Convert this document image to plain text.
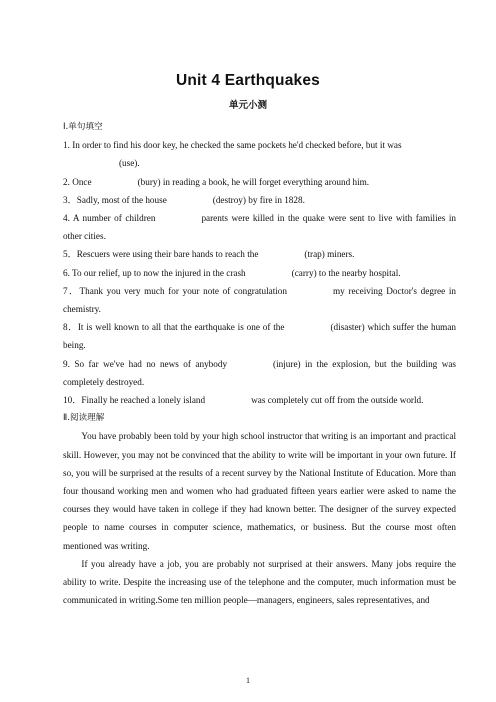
Unit 4 Earthquakes
单元小测

Ⅰ.单句填空

1. In order to find his door key, he checked the same pockets he'd checked before, but it was

(use).

2. Once	(bury) in reading a book, he will forget everything around him.

3．Sadly, most of the house	(destroy) by fire in 1828.

4. A number of children	parents were killed in the quake were sent to live with families in other cities.

5．Rescuers were using their bare hands to reach the	(trap) miners.

6. To our relief, up to now the injured in the crash	(carry) to the nearby hospital.

7．Thank you very much for your note of congratulation	my receiving Doctor's degree in chemistry.

8．It is well known to all that the earthquake is one of the	(disaster) which suffer the human being.

9. So far we've had no news of anybody	(injure) in the explosion, but the building was completely destroyed.

10．Finally he reached a lonely island	was completely cut off from the outside world.

Ⅱ.阅读理解

You have probably been told by your high school instructor that writing is an important and practical skill. However, you may not be convinced that the ability to write will be important in your own future. If so, you will be surprised at the results of a recent survey by the National Institute of Education. More than four thousand working men and women who had graduated fifteen years earlier were asked to name the courses they would have taken in college if they had known better. The designer of the survey expected people to name courses in computer science, mathematics, or business. But the course most often mentioned was writing.

If you already have a job, you are probably not surprised at their answers. Many jobs require the ability to write. Despite the increasing use of the telephone and the computer, much information must be communicated in writing.Some ten million people—managers, engineers, sales representatives, and

1
